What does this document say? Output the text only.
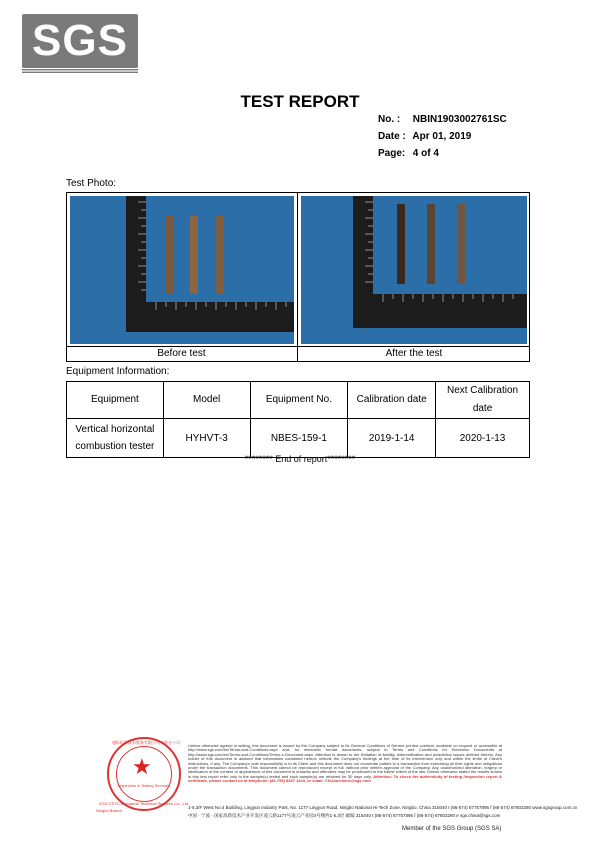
SGS
TEST REPORT
No. : NBIN1903002761SC
Date : Apr 01, 2019
Page: 4 of 4
Test Photo:
Before test	After the test
Equipment Information:
Equipment	Model	Equipment No.	Calibration date	Next Calibration date
Vertical horizontal combustion tester	HYHVT-3	NBES-159-1	2019-1-14	2020-1-13
******** End of report********
★
通标标准技术服务有限公司宁波分公司
Inspection & Testing Services
SGS-CSTC Standards Technical Services Co., Ltd.
Ningbo Branch
Unless otherwise agreed in writing, this document is issued by the Company subject to its General Conditions of Service printed overleaf, available on request or accessible at http://www.sgs.com/en/Terms-and-Conditions.aspx and, for electronic format documents, subject to Terms and Conditions for Electronic Documents at http://www.sgs.com/en/Terms-and-Conditions/Terms-e-Document.aspx. Attention is drawn to the limitation of liability, indemnification and jurisdiction issues defined therein. Any holder of this document is advised that information contained hereon reflects the Company's findings at the time of its intervention only and within the limits of Client's instructions, if any. The Company's sole responsibility is to its Client and this document does not exonerate parties to a transaction from exercising all their rights and obligations under the transaction documents. This document cannot be reproduced except in full, without prior written approval of the Company. Any unauthorized alteration, forgery or falsification of the content or appearance of this document is unlawful and offenders may be prosecuted to the fullest extent of the law. Unless otherwise stated the results shown in this test report refer only to the sample(s) tested and such sample(s) are retained for 30 days only. Attention: To check the authenticity of testing /inspection report & certificate, please contact us at telephone: (86-755) 8307 1443, or email: CN.Doccheck@sgs.com
1-5,3/F West No.4 Building, Lingyun Industry Park, No. 1177 Lingyun Road, Ningbo National Hi-Tech Zone, Ningbo, China 315040 t (86-574) 87757896 f (86-574) 87803280 www.sgsgroup.com.cn
中国 · 宁波 · 国家高新技术产业开发区凌云路1177号凌云产业园4号楼西1-5,3层 邮编 315040 t (86-574) 87757896 f (86-574) 87803280 e sgs.china@sgs.com
Member of the SGS Group (SGS SA)
